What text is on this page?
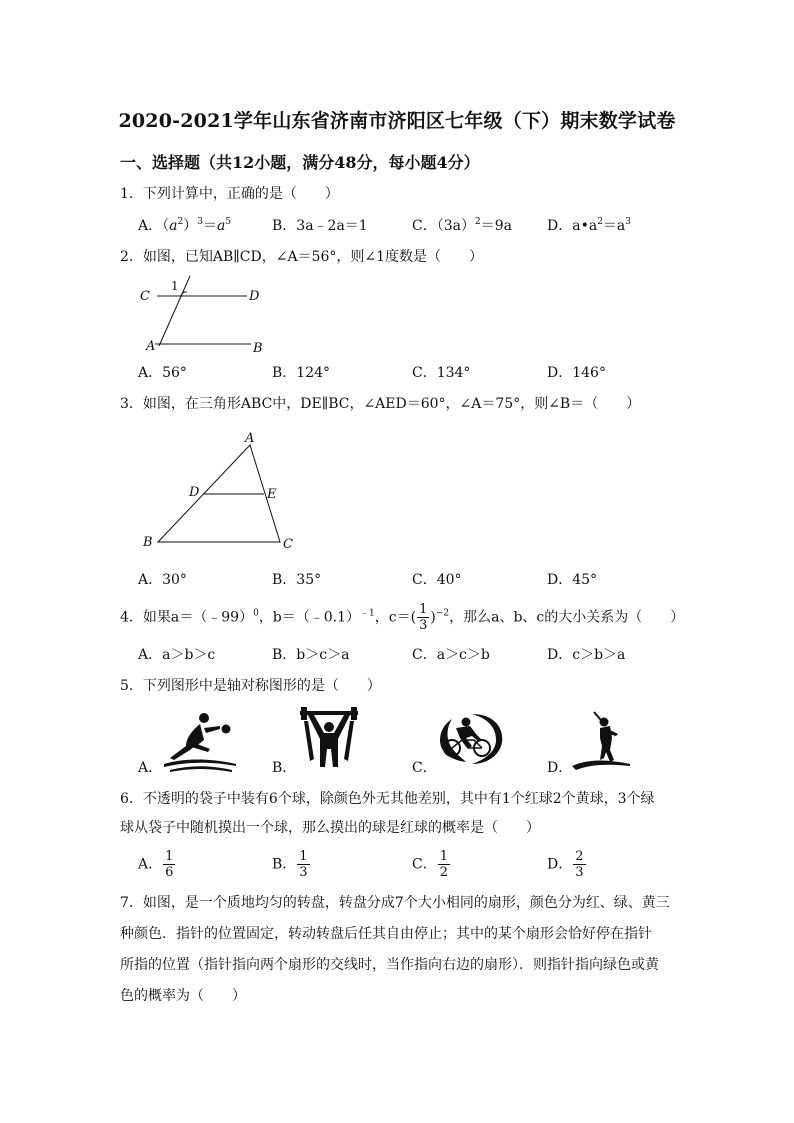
2020-2021学年山东省济南市济阳区七年级（下）期末数学试卷
一、选择题（共12小题，满分48分，每小题4分）
1．下列计算中，正确的是（　　）
A．$(a^2)^3=a^5$	B．3a﹣2a＝1	C．$(3a)^2=9a$	D．$a•a^2=a^3$
2．如图，已知AB∥CD，∠A＝56°，则∠1度数是（　　）
C	D
A	B
1
A．56°	B．124°	C．134°	D．146°
3．如图，在三角形ABC中，DE∥BC，∠AED＝60°，∠A＝75°，则∠B＝（　　）
A
B	C
D	E
A．30°	B．35°	C．40°	D．45°
4．如果a＝（﹣99）$^0$，b＝（﹣0.1）$^{﹣1}$，$c=( \frac{1}{3} )^{-2}$，那么a、b、c的大小关系为（　　）
A．a＞b＞c	B．b＞c＞a	C．a＞c＞b	D．c＞b＞a
5．下列图形中是轴对称图形的是（　　）
A．	B．	C．	D．
6．不透明的袋子中装有6个球，除颜色外无其他差别，其中有1个红球2个黄球，3个绿
球从袋子中随机摸出一个球，那么摸出的球是红球的概率是（　　）
A． $\frac{1}{6}$	B． $\frac{1}{3}$	C． $\frac{1}{2}$	D． $\frac{2}{3}$
7．如图，是一个质地均匀的转盘，转盘分成7个大小相同的扇形，颜色分为红、绿、黄三
种颜色．指针的位置固定，转动转盘后任其自由停止；其中的某个扇形会恰好停在指针
所指的位置（指针指向两个扇形的交线时，当作指向右边的扇形）．则指针指向绿色或黄
色的概率为（　　）
